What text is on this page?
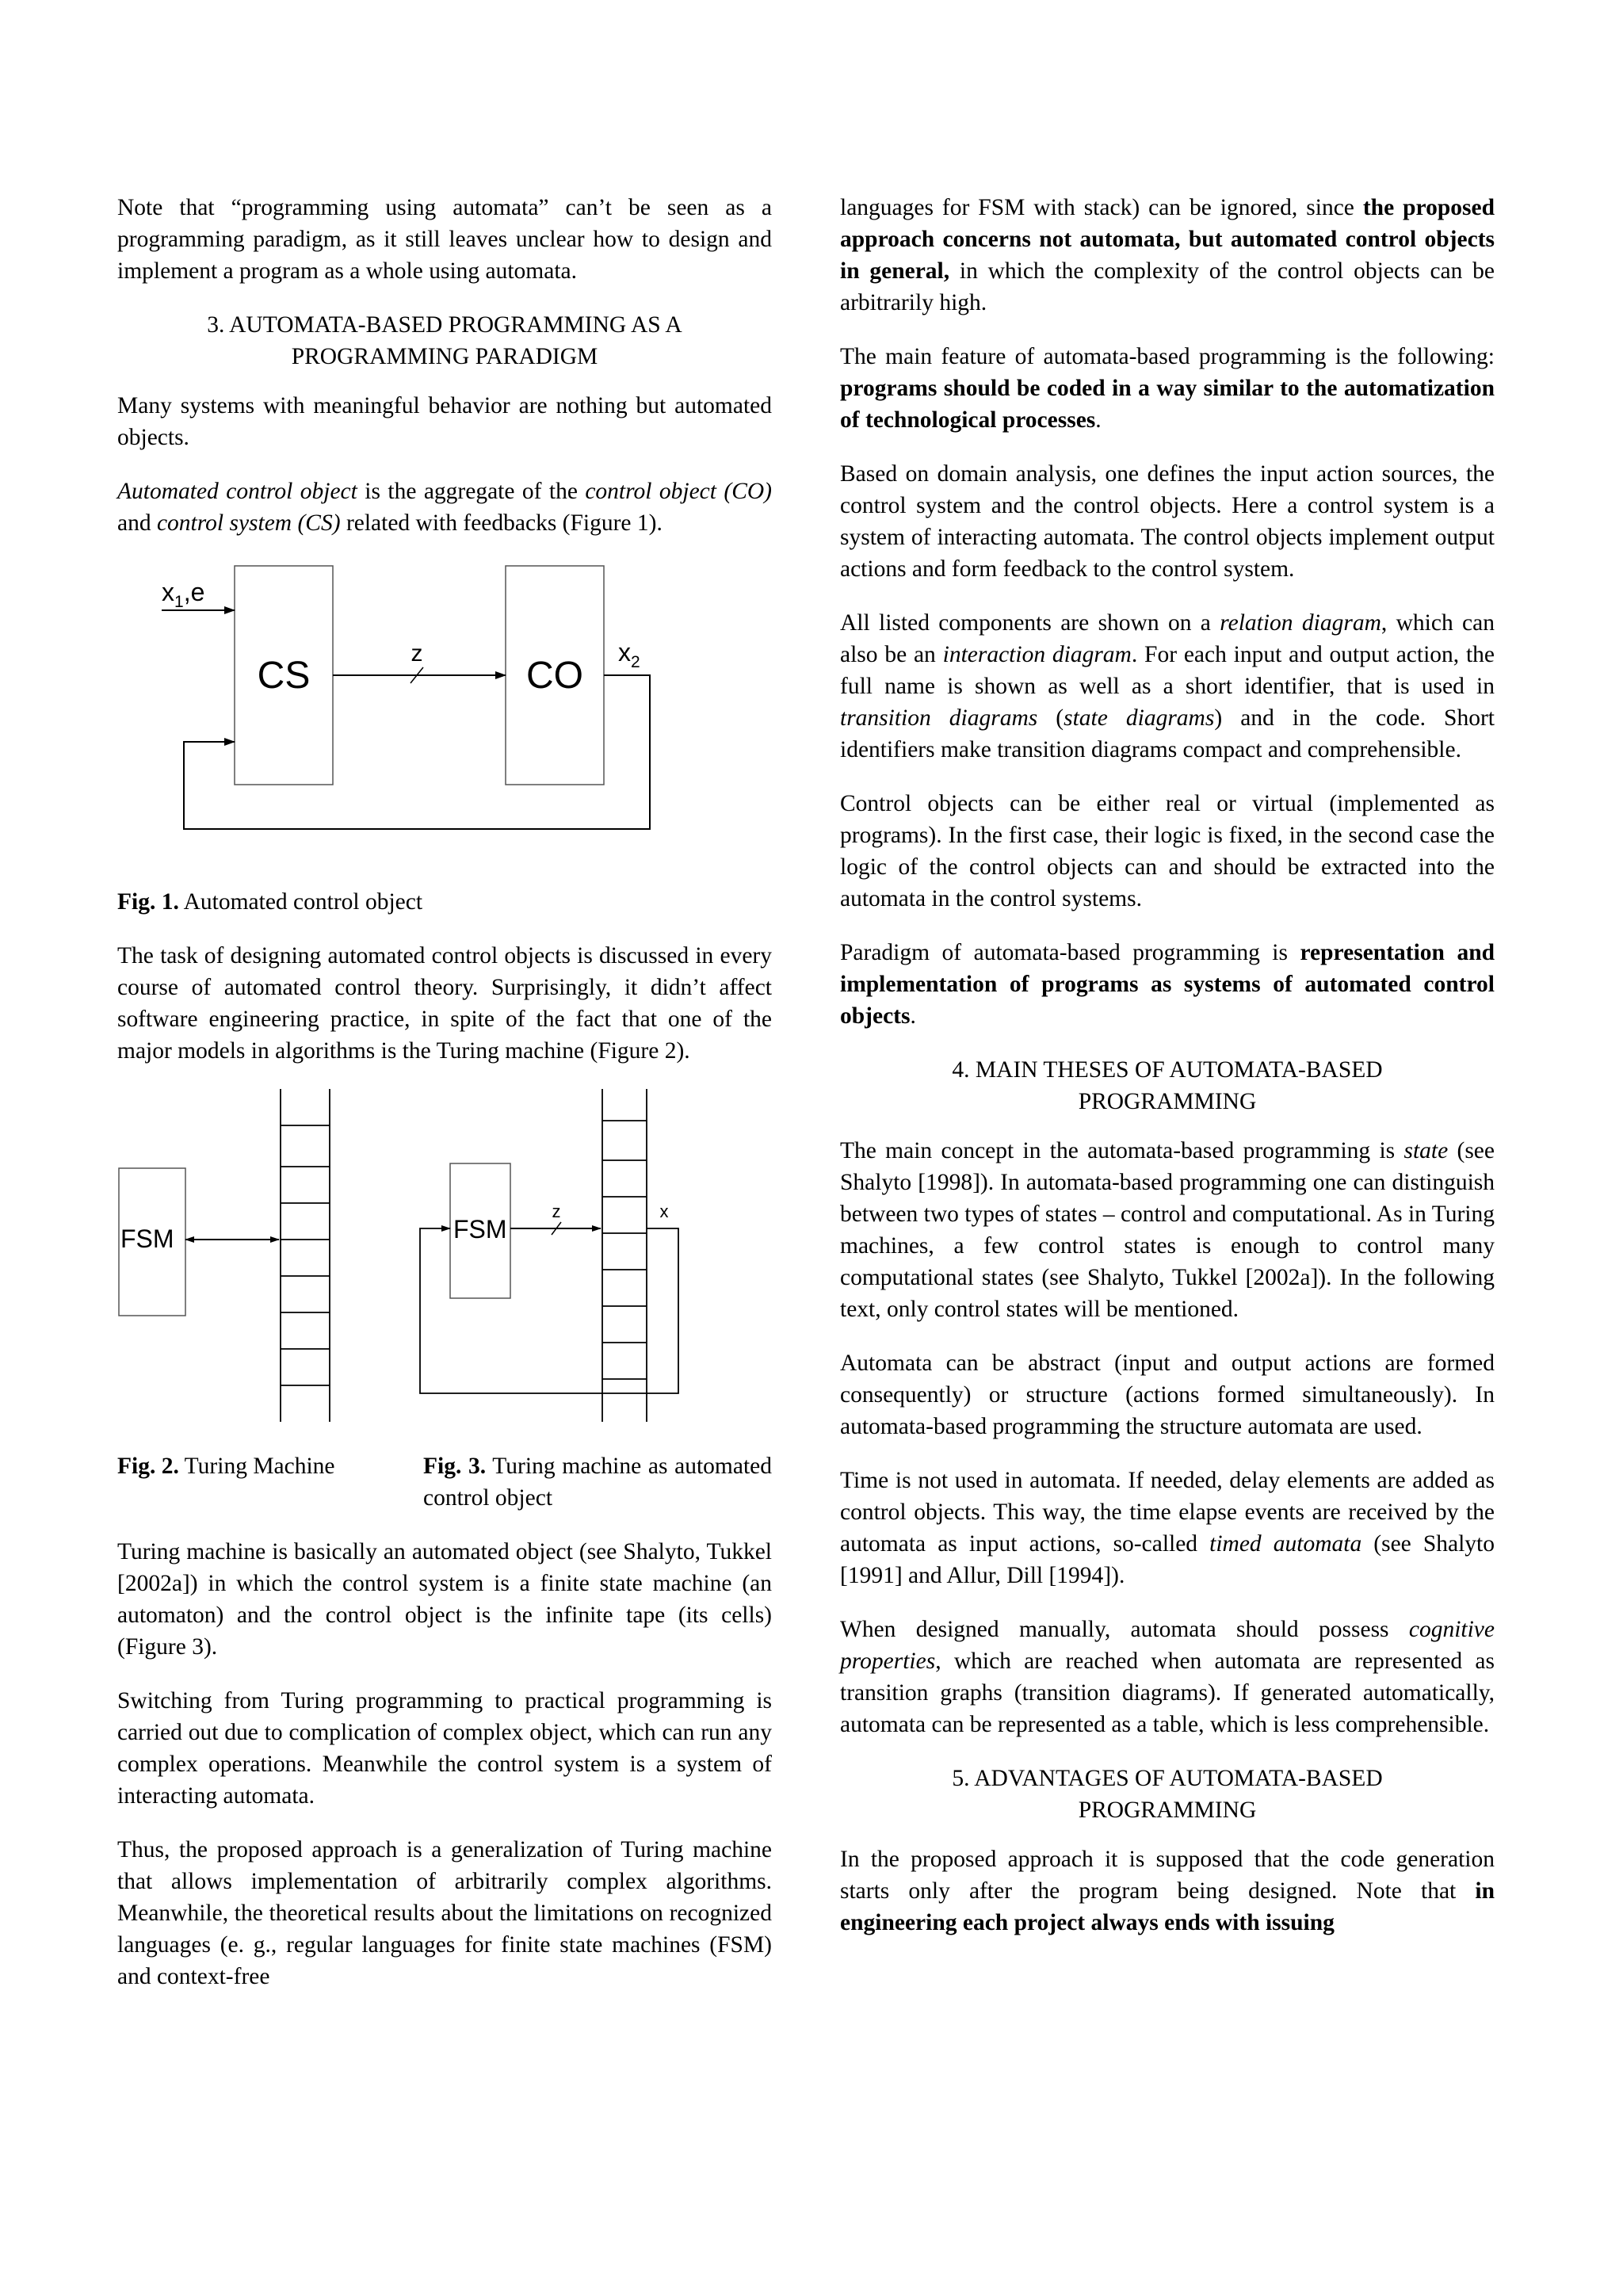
Note that “programming using automata” can’t be seen as a programming paradigm, as it still leaves unclear how to design and implement a program as a whole using automata.

3. AUTOMATA-BASED PROGRAMMING AS A
PROGRAMMING PARADIGM

Many systems with meaningful behavior are nothing but automated objects.

Automated control object is the aggregate of the control object (CO) and control system (CS) related with feedbacks (Figure 1).

$x_1,e$
CS	CO
z	$x_2$
Fig. 1. Automated control object

The task of designing automated control objects is discussed in every course of automated control theory. Surprisingly, it didn’t affect software engineering practice, in spite of the fact that one of the major models in algorithms is the Turing machine (Figure 2).

FSM	FSM
z	x
Fig. 2. Turing Machine	Fig. 3. Turing machine as automated control object

Turing machine is basically an automated object (see Shalyto, Tukkel [2002a]) in which the control system is a finite state machine (an automaton) and the control object is the infinite tape (its cells) (Figure 3).

Switching from Turing programming to practical programming is carried out due to complication of complex object, which can run any complex operations. Meanwhile the control system is a system of interacting automata.

Thus, the proposed approach is a generalization of Turing machine that allows implementation of arbitrarily complex algorithms. Meanwhile, the theoretical results about the limitations on recognized languages (e. g., regular languages for finite state machines (FSM) and context-free

languages for FSM with stack) can be ignored, since the proposed approach concerns not automata, but automated control objects in general, in which the complexity of the control objects can be arbitrarily high.

The main feature of automata-based programming is the following: programs should be coded in a way similar to the automatization of technological processes.

Based on domain analysis, one defines the input action sources, the control system and the control objects. Here a control system is a system of interacting automata. The control objects implement output actions and form feedback to the control system.

All listed components are shown on a relation diagram, which can also be an interaction diagram. For each input and output action, the full name is shown as well as a short identifier, that is used in transition diagrams (state diagrams) and in the code. Short identifiers make transition diagrams compact and comprehensible.

Control objects can be either real or virtual (implemented as programs). In the first case, their logic is fixed, in the second case the logic of the control objects can and should be extracted into the automata in the control systems.

Paradigm of automata-based programming is representation and implementation of programs as systems of automated control objects.

4. MAIN THESES OF AUTOMATA-BASED
PROGRAMMING

The main concept in the automata-based programming is state (see Shalyto [1998]). In automata-based programming one can distinguish between two types of states – control and computational. As in Turing machines, a few control states is enough to control many computational states (see Shalyto, Tukkel [2002a]). In the following text, only control states will be mentioned.

Automata can be abstract (input and output actions are formed consequently) or structure (actions formed simultaneously). In automata-based programming the structure automata are used.

Time is not used in automata. If needed, delay elements are added as control objects. This way, the time elapse events are received by the automata as input actions, so-called timed automata (see Shalyto [1991] and Allur, Dill [1994]).

When designed manually, automata should possess cognitive properties, which are reached when automata are represented as transition graphs (transition diagrams). If generated automatically, automata can be represented as a table, which is less comprehensible.

5. ADVANTAGES OF AUTOMATA-BASED
PROGRAMMING

In the proposed approach it is supposed that the code generation starts only after the program being designed. Note that in engineering each project always ends with issuing
